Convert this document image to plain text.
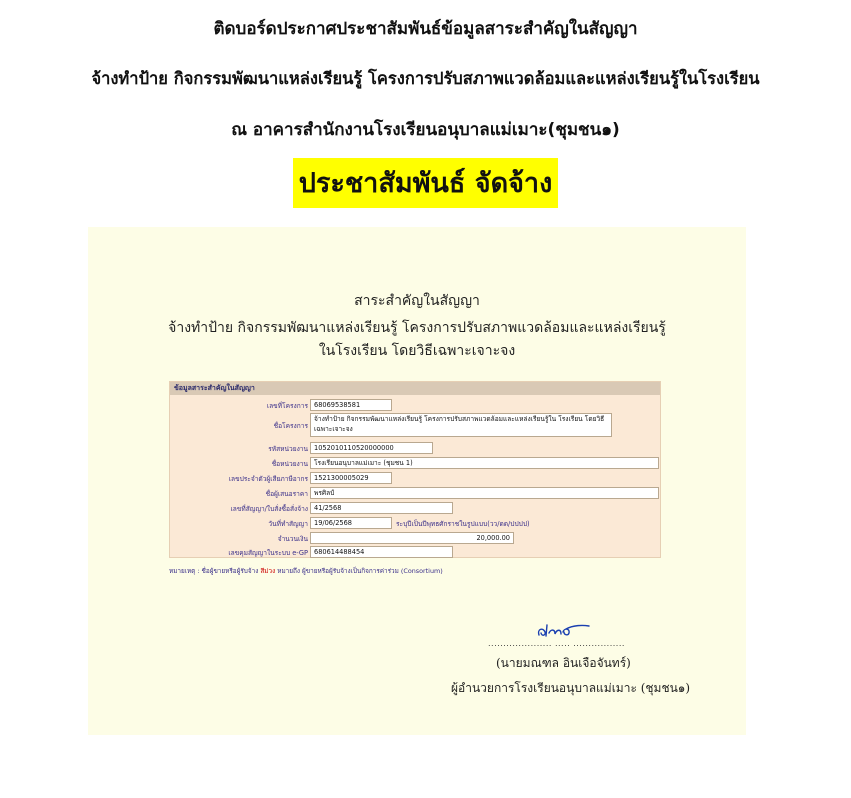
ติดบอร์ดประกาศประชาสัมพันธ์ข้อมูลสาระสำคัญในสัญญา
จ้างทำป้าย กิจกรรมพัฒนาแหล่งเรียนรู้ โครงการปรับสภาพแวดล้อมและแหล่งเรียนรู้ในโรงเรียน
ณ อาคารสำนักงานโรงเรียนอนุบาลแม่เมาะ(ชุมชน๑)
ประชาสัมพันธ์ จัดจ้าง
สาระสำคัญในสัญญา
จ้างทำป้าย กิจกรรมพัฒนาแหล่งเรียนรู้ โครงการปรับสภาพแวดล้อมและแหล่งเรียนรู้
ในโรงเรียน โดยวิธีเฉพาะเจาะจง
ข้อมูลสาระสำคัญในสัญญา
เลขที่โครงการ 68069538581
ชื่อโครงการ
จ้างทำป้าย กิจกรรมพัฒนาแหล่งเรียนรู้ โครงการปรับสภาพแวดล้อมและแหล่งเรียนรู้ใน โรงเรียน โดยวิธีเฉพาะเจาะจง
รหัสหน่วยงาน 1052010110520000000
ชื่อหน่วยงาน โรงเรียนอนุบาลแม่เมาะ (ชุมชน 1)
เลขประจำตัวผู้เสียภาษีอากร 1521300005029
ชื่อผู้เสนอราคา พรศิลป์
เลขที่สัญญา/ใบสั่งซื้อสั่งจ้าง 41/2568
วันที่ทำสัญญา 19/06/2568	ระบุปีเป็นปีพุทธศักราชในรูปแบบ(วว/ดด/ปปปป)
จำนวนเงิน	20,000.00
เลขคุมสัญญาในระบบ e-GP 680614488454
หมายเหตุ : ชื่อผู้ขายหรือผู้รับจ้าง สีม่วง หมายถึง ผู้ขายหรือผู้รับจ้างเป็นกิจการค่าร่วม (Consortium)
..................... ..... .................
(นายมณฑล อินเจือจันทร์)
ผู้อำนวยการโรงเรียนอนุบาลแม่เมาะ (ชุมชน๑)
